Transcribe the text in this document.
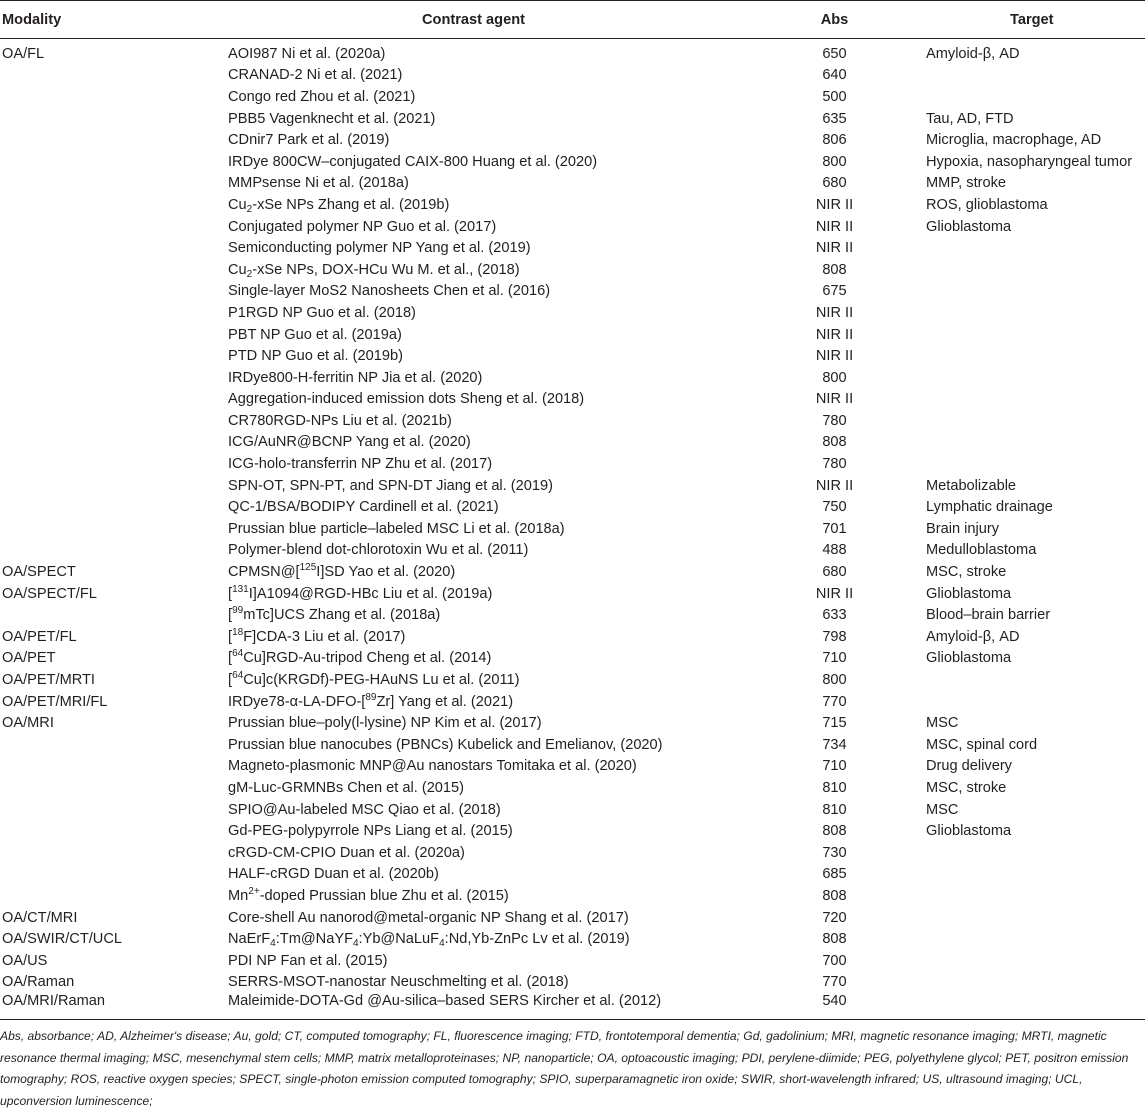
Modality	Contrast agent	Abs	Target
OA/FL	AOI987 Ni et al. (2020a)	650	Amyloid-β, AD
	CRANAD-2 Ni et al. (2021)	640	
	Congo red Zhou et al. (2021)	500	
	PBB5 Vagenknecht et al. (2021)	635	Tau, AD, FTD
	CDnir7 Park et al. (2019)	806	Microglia, macrophage, AD
	IRDye 800CW–conjugated CAIX-800 Huang et al. (2020)	800	Hypoxia, nasopharyngeal tumor
	MMPsense Ni et al. (2018a)	680	MMP, stroke
	$Cu_2$-xSe NPs Zhang et al. (2019b)	NIR II	ROS, glioblastoma
	Conjugated polymer NP Guo et al. (2017)	NIR II	Glioblastoma
	Semiconducting polymer NP Yang et al. (2019)	NIR II	
	$Cu_2$-xSe NPs, DOX-HCu Wu M. et al., (2018)	808	
	Single-layer MoS2 Nanosheets Chen et al. (2016)	675	
	P1RGD NP Guo et al. (2018)	NIR II	
	PBT NP Guo et al. (2019a)	NIR II	
	PTD NP Guo et al. (2019b)	NIR II	
	IRDye800-H-ferritin NP Jia et al. (2020)	800	
	Aggregation-induced emission dots Sheng et al. (2018)	NIR II	
	CR780RGD-NPs Liu et al. (2021b)	780	
	ICG/AuNR@BCNP Yang et al. (2020)	808	
	ICG-holo-transferrin NP Zhu et al. (2017)	780	
	SPN-OT, SPN-PT, and SPN-DT Jiang et al. (2019)	NIR II	Metabolizable
	QC-1/BSA/BODIPY Cardinell et al. (2021)	750	Lymphatic drainage
	Prussian blue particle–labeled MSC Li et al. (2018a)	701	Brain injury
	Polymer-blend dot-chlorotoxin Wu et al. (2011)	488	Medulloblastoma
OA/SPECT	CPMSN@[$^{125}$I]SD Yao et al. (2020)	680	MSC, stroke
OA/SPECT/FL	[$^{131}$I]A1094@RGD-HBc Liu et al. (2019a)	NIR II	Glioblastoma
	[$^{99}$mTc]UCS Zhang et al. (2018a)	633	Blood–brain barrier
OA/PET/FL	[$^{18}$F]CDA-3 Liu et al. (2017)	798	Amyloid-β, AD
OA/PET	[$^{64}$Cu]RGD-Au-tripod Cheng et al. (2014)	710	Glioblastoma
OA/PET/MRTI	[$^{64}$Cu]c(KRGDf)-PEG-HAuNS Lu et al. (2011)	800	
OA/PET/MRI/FL	IRDye78-α-LA-DFO-[$^{89}$Zr] Yang et al. (2021)	770	
OA/MRI	Prussian blue–poly(l-lysine) NP Kim et al. (2017)	715	MSC
	Prussian blue nanocubes (PBNCs) Kubelick and Emelianov, (2020)	734	MSC, spinal cord
	Magneto-plasmonic MNP@Au nanostars Tomitaka et al. (2020)	710	Drug delivery
	gM-Luc-GRMNBs Chen et al. (2015)	810	MSC, stroke
	SPIO@Au-labeled MSC Qiao et al. (2018)	810	MSC
	Gd-PEG-polypyrrole NPs Liang et al. (2015)	808	Glioblastoma
	cRGD-CM-CPIO Duan et al. (2020a)	730	
	HALF-cRGD Duan et al. (2020b)	685	
	$Mn^{2+}$-doped Prussian blue Zhu et al. (2015)	808	
OA/CT/MRI	Core-shell Au nanorod@metal-organic NP Shang et al. (2017)	720	
OA/SWIR/CT/UCL	NaErF$_4$:Tm@NaYF$_4$:Yb@NaLuF$_4$:Nd,Yb-ZnPc Lv et al. (2019)	808	
OA/US	PDI NP Fan et al. (2015)	700	
OA/Raman	SERRS-MSOT-nanostar Neuschmelting et al. (2018)	770	
OA/MRI/Raman	Maleimide-DOTA-Gd @Au-silica–based SERS Kircher et al. (2012)	540	
Abs, absorbance; AD, Alzheimer's disease; Au, gold; CT, computed tomography; FL, fluorescence imaging; FTD, frontotemporal dementia; Gd, gadolinium; MRI, magnetic resonance imaging; MRTI, magnetic resonance thermal imaging; MSC, mesenchymal stem cells; MMP, matrix metalloproteinases; NP, nanoparticle; OA, optoacoustic imaging; PDI, perylene-diimide; PEG, polyethylene glycol; PET, positron emission tomography; ROS, reactive oxygen species; SPECT, single-photon emission computed tomography; SPIO, superparamagnetic iron oxide; SWIR, short-wavelength infrared; US, ultrasound imaging; UCL, upconversion luminescence;
